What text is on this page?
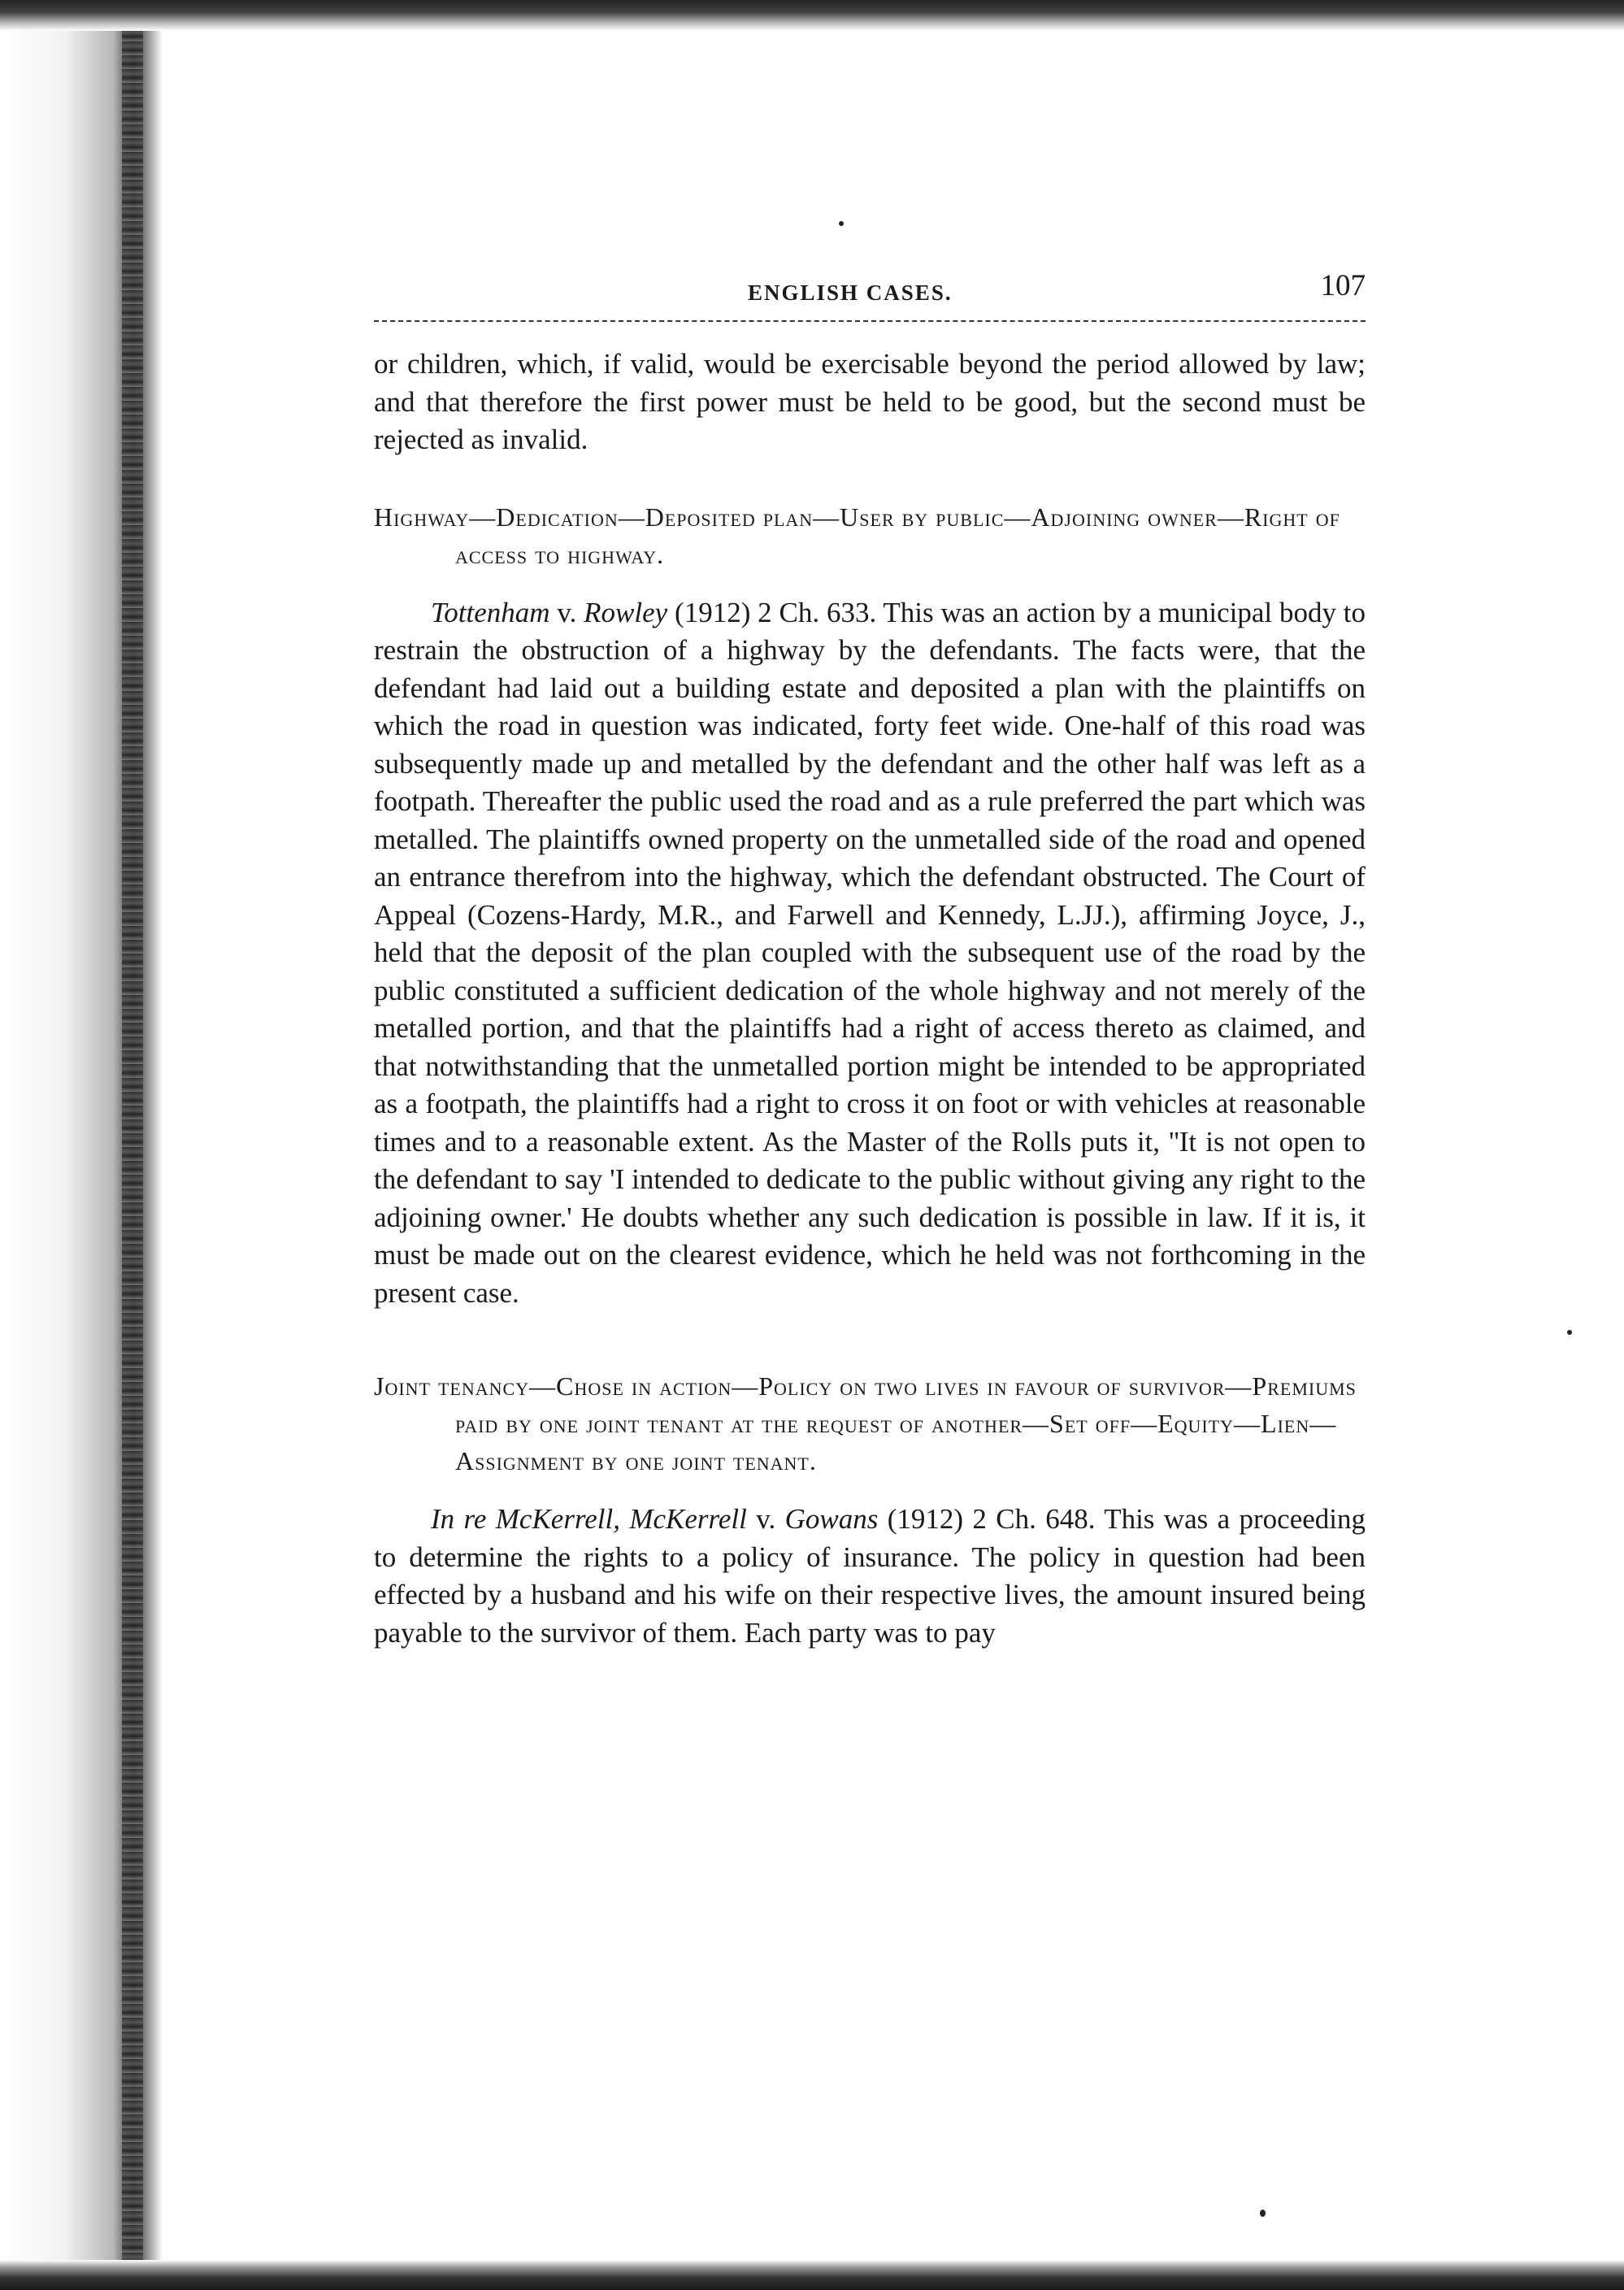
ENGLISH CASES.	107

or children, which, if valid, would be exercisable beyond the period allowed by law; and that therefore the first power must be held to be good, but the second must be rejected as invalid.

Highway—Dedication—Deposited plan—User by public—Adjoining owner—Right of access to highway.

Tottenham v. Rowley (1912) 2 Ch. 633. This was an action by a municipal body to restrain the obstruction of a highway by the defendants. The facts were, that the defendant had laid out a building estate and deposited a plan with the plaintiffs on which the road in question was indicated, forty feet wide. One-half of this road was subsequently made up and metalled by the defendant and the other half was left as a footpath. Thereafter the public used the road and as a rule preferred the part which was metalled. The plaintiffs owned property on the unmetalled side of the road and opened an entrance therefrom into the highway, which the defendant obstructed. The Court of Appeal (Cozens-Hardy, M.R., and Farwell and Kennedy, L.JJ.), affirming Joyce, J., held that the deposit of the plan coupled with the subsequent use of the road by the public constituted a sufficient dedication of the whole highway and not merely of the metalled portion, and that the plaintiffs had a right of access thereto as claimed, and that notwithstanding that the unmetalled portion might be intended to be appropriated as a footpath, the plaintiffs had a right to cross it on foot or with vehicles at reasonable times and to a reasonable extent. As the Master of the Rolls puts it, ''It is not open to the defendant to say 'I intended to dedicate to the public without giving any right to the adjoining owner.' He doubts whether any such dedication is possible in law. If it is, it must be made out on the clearest evidence, which he held was not forthcoming in the present case.

Joint tenancy—Chose in action—Policy on two lives in favour of survivor—Premiums paid by one joint tenant at the request of another—Set off—Equity—Lien—Assignment by one joint tenant.

In re McKerrell, McKerrell v. Gowans (1912) 2 Ch. 648. This was a proceeding to determine the rights to a policy of insurance. The policy in question had been effected by a husband and his wife on their respective lives, the amount insured being payable to the survivor of them. Each party was to pay
